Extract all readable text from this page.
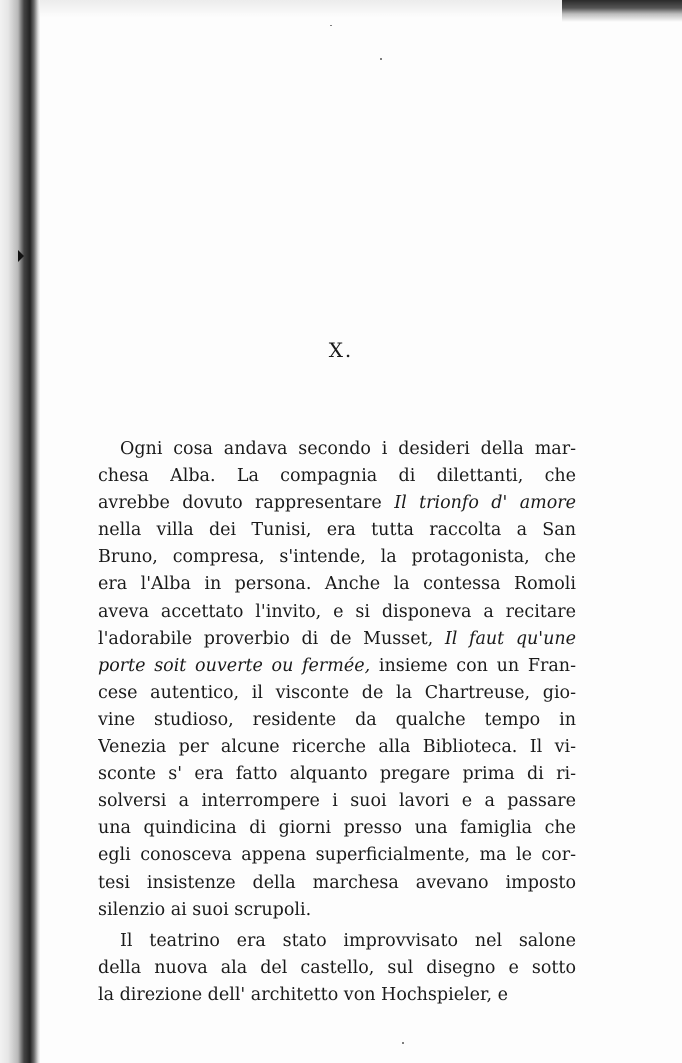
X.
Ogni cosa andava secondo i desideri della mar-
chesa Alba. La compagnia di dilettanti, che
avrebbe dovuto rappresentare Il trionfo d' amore
nella villa dei Tunisi, era tutta raccolta a San
Bruno, compresa, s'intende, la protagonista, che
era l'Alba in persona. Anche la contessa Romoli
aveva accettato l'invito, e si disponeva a recitare
l'adorabile proverbio di de Musset, Il faut qu'une
porte soit ouverte ou fermée, insieme con un Fran-
cese autentico, il visconte de la Chartreuse, gio-
vine studioso, residente da qualche tempo in
Venezia per alcune ricerche alla Biblioteca. Il vi-
sconte s' era fatto alquanto pregare prima di ri-
solversi a interrompere i suoi lavori e a passare
una quindicina di giorni presso una famiglia che
egli conosceva appena superficialmente, ma le cor-
tesi insistenze della marchesa avevano imposto
silenzio ai suoi scrupoli.
Il teatrino era stato improvvisato nel salone
della nuova ala del castello, sul disegno e sotto
la direzione dell' architetto von Hochspieler, e
